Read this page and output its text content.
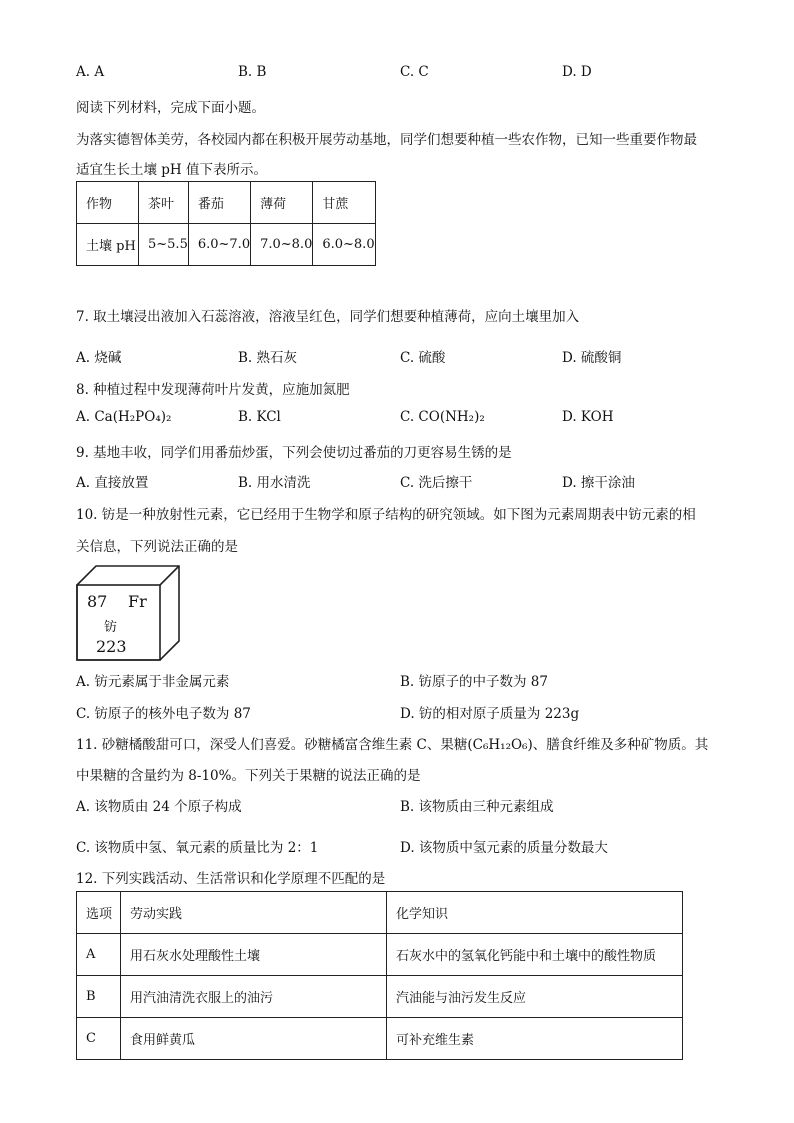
A. A	B. B	C. C	D. D
阅读下列材料，完成下面小题。
为落实德智体美劳，各校园内都在积极开展劳动基地，同学们想要种植一些农作物，已知一些重要作物最
适宜生长土壤 pH 值下表所示。
作物	茶叶	番茄	薄荷	甘蔗
土壤 pH	5~5.5	6.0~7.0	7.0~8.0	6.0~8.0
7. 取土壤浸出液加入石蕊溶液，溶液呈红色，同学们想要种植薄荷，应向土壤里加入
A. 烧碱	B. 熟石灰	C. 硫酸	D. 硫酸铜
8. 种植过程中发现薄荷叶片发黄，应施加氮肥
A. Ca(H₂PO₄)₂	B. KCl	C. CO(NH₂)₂	D. KOH
9. 基地丰收，同学们用番茄炒蛋，下列会使切过番茄的刀更容易生锈的是
A. 直接放置	B. 用水清洗	C. 洗后擦干	D. 擦干涂油
10. 钫是一种放射性元素，它已经用于生物学和原子结构的研究领域。如下图为元素周期表中钫元素的相
关信息，下列说法正确的是
87 Fr
钫
223
A. 钫元素属于非金属元素	B. 钫原子的中子数为 87
C. 钫原子的核外电子数为 87	D. 钫的相对原子质量为 223g
11. 砂糖橘酸甜可口，深受人们喜爱。砂糖橘富含维生素 C、果糖(C₆H₁₂O₆)、膳食纤维及多种矿物质。其
中果糖的含量约为 8-10%。下列关于果糖的说法正确的是
A. 该物质由 24 个原子构成	B. 该物质由三种元素组成
C. 该物质中氢、氧元素的质量比为 2：1	D. 该物质中氢元素的质量分数最大
12. 下列实践活动、生活常识和化学原理不匹配的是
选项	劳动实践	化学知识
A	用石灰水处理酸性土壤	石灰水中的氢氧化钙能中和土壤中的酸性物质
B	用汽油清洗衣服上的油污	汽油能与油污发生反应
C	食用鲜黄瓜	可补充维生素
